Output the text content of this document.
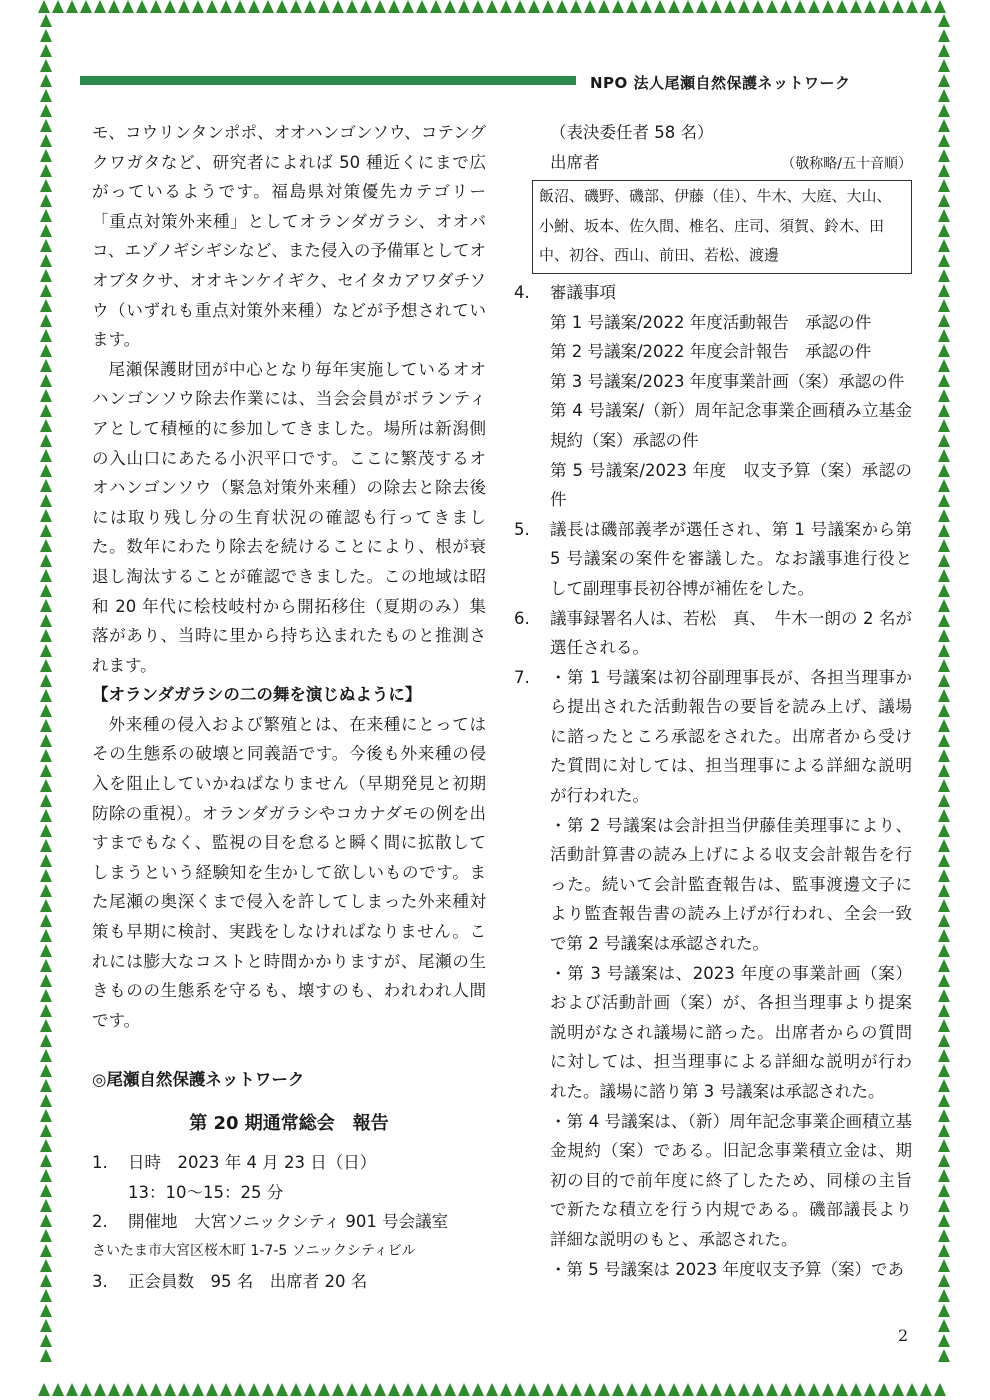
NPO 法人尾瀬自然保護ネットワーク

モ、コウリンタンポポ、オオハンゴンソウ、コテングクワガタなど、研究者によれば 50 種近くにまで広がっているようです。福島県対策優先カテゴリー「重点対策外来種」としてオランダガラシ、オオバコ、エゾノギシギシなど、また侵入の予備軍としてオオブタクサ、オオキンケイギク、セイタカアワダチソウ（いずれも重点対策外来種）などが予想されています。

尾瀬保護財団が中心となり毎年実施しているオオハンゴンソウ除去作業には、当会会員がボランティアとして積極的に参加してきました。場所は新潟側の入山口にあたる小沢平口です。ここに繁茂するオオハンゴンソウ（緊急対策外来種）の除去と除去後には取り残し分の生育状況の確認も行ってきました。数年にわたり除去を続けることにより、根が衰退し淘汰することが確認できました。この地域は昭和 20 年代に桧枝岐村から開拓移住（夏期のみ）集落があり、当時に里から持ち込まれたものと推測されます。

【オランダガラシの二の舞を演じぬように】

外来種の侵入および繁殖とは、在来種にとってはその生態系の破壊と同義語です。今後も外来種の侵入を阻止していかねばなりません（早期発見と初期防除の重視）。オランダガラシやコカナダモの例を出すまでもなく、監視の目を怠ると瞬く間に拡散してしまうという経験知を生かして欲しいものです。また尾瀬の奥深くまで侵入を許してしまった外来種対策も早期に検討、実践をしなければなりません。これには膨大なコストと時間かかりますが、尾瀬の生きものの生態系を守るも、壊すのも、われわれ人間です。

◎尾瀬自然保護ネットワーク

第 20 期通常総会　報告

1.	日時　2023 年 4 月 23 日（日）
13：10～15：25 分
2.	開催地　大宮ソニックシティ 901 号会議室
さいたま市大宮区桜木町 1-7-5 ソニックシティビル
3.	正会員数　95 名　出席者 20 名
（表決委任者 58 名）
出席者	（敬称略/五十音順）
飯沼、磯野、磯部、伊藤（佳）、牛木、大庭、大山、小鮒、坂本、佐久間、椎名、庄司、須賀、鈴木、田中、初谷、西山、前田、若松、渡邊
4.	審議事項
第 1 号議案/2022 年度活動報告　承認の件
第 2 号議案/2022 年度会計報告　承認の件
第 3 号議案/2023 年度事業計画（案）承認の件
第 4 号議案/（新）周年記念事業企画積み立基金規約（案）承認の件
第 5 号議案/2023 年度　収支予算（案）承認の件
5.	議長は磯部義孝が選任され、第 1 号議案から第 5 号議案の案件を審議した。なお議事進行役として副理事長初谷博が補佐をした。
6.	議事録署名人は、若松　真、　牛木一朗の 2 名が選任される。
7.	・第 1 号議案は初谷副理事長が、各担当理事から提出された活動報告の要旨を読み上げ、議場に諮ったところ承認をされた。出席者から受けた質問に対しては、担当理事による詳細な説明が行われた。

・第 2 号議案は会計担当伊藤佳美理事により、活動計算書の読み上げによる収支会計報告を行った。続いて会計監査報告は、監事渡邊文子により監査報告書の読み上げが行われ、全会一致で第 2 号議案は承認された。

・第 3 号議案は、2023 年度の事業計画（案）および活動計画（案）が、各担当理事より提案説明がなされ議場に諮った。出席者からの質問に対しては、担当理事による詳細な説明が行われた。議場に諮り第 3 号議案は承認された。

・第 4 号議案は、（新）周年記念事業企画積立基金規約（案）である。旧記念事業積立金は、期初の目的で前年度に終了したため、同様の主旨で新たな積立を行う内規である。磯部議長より詳細な説明のもと、承認された。

・第 5 号議案は 2023 年度収支予算（案）であ

2
